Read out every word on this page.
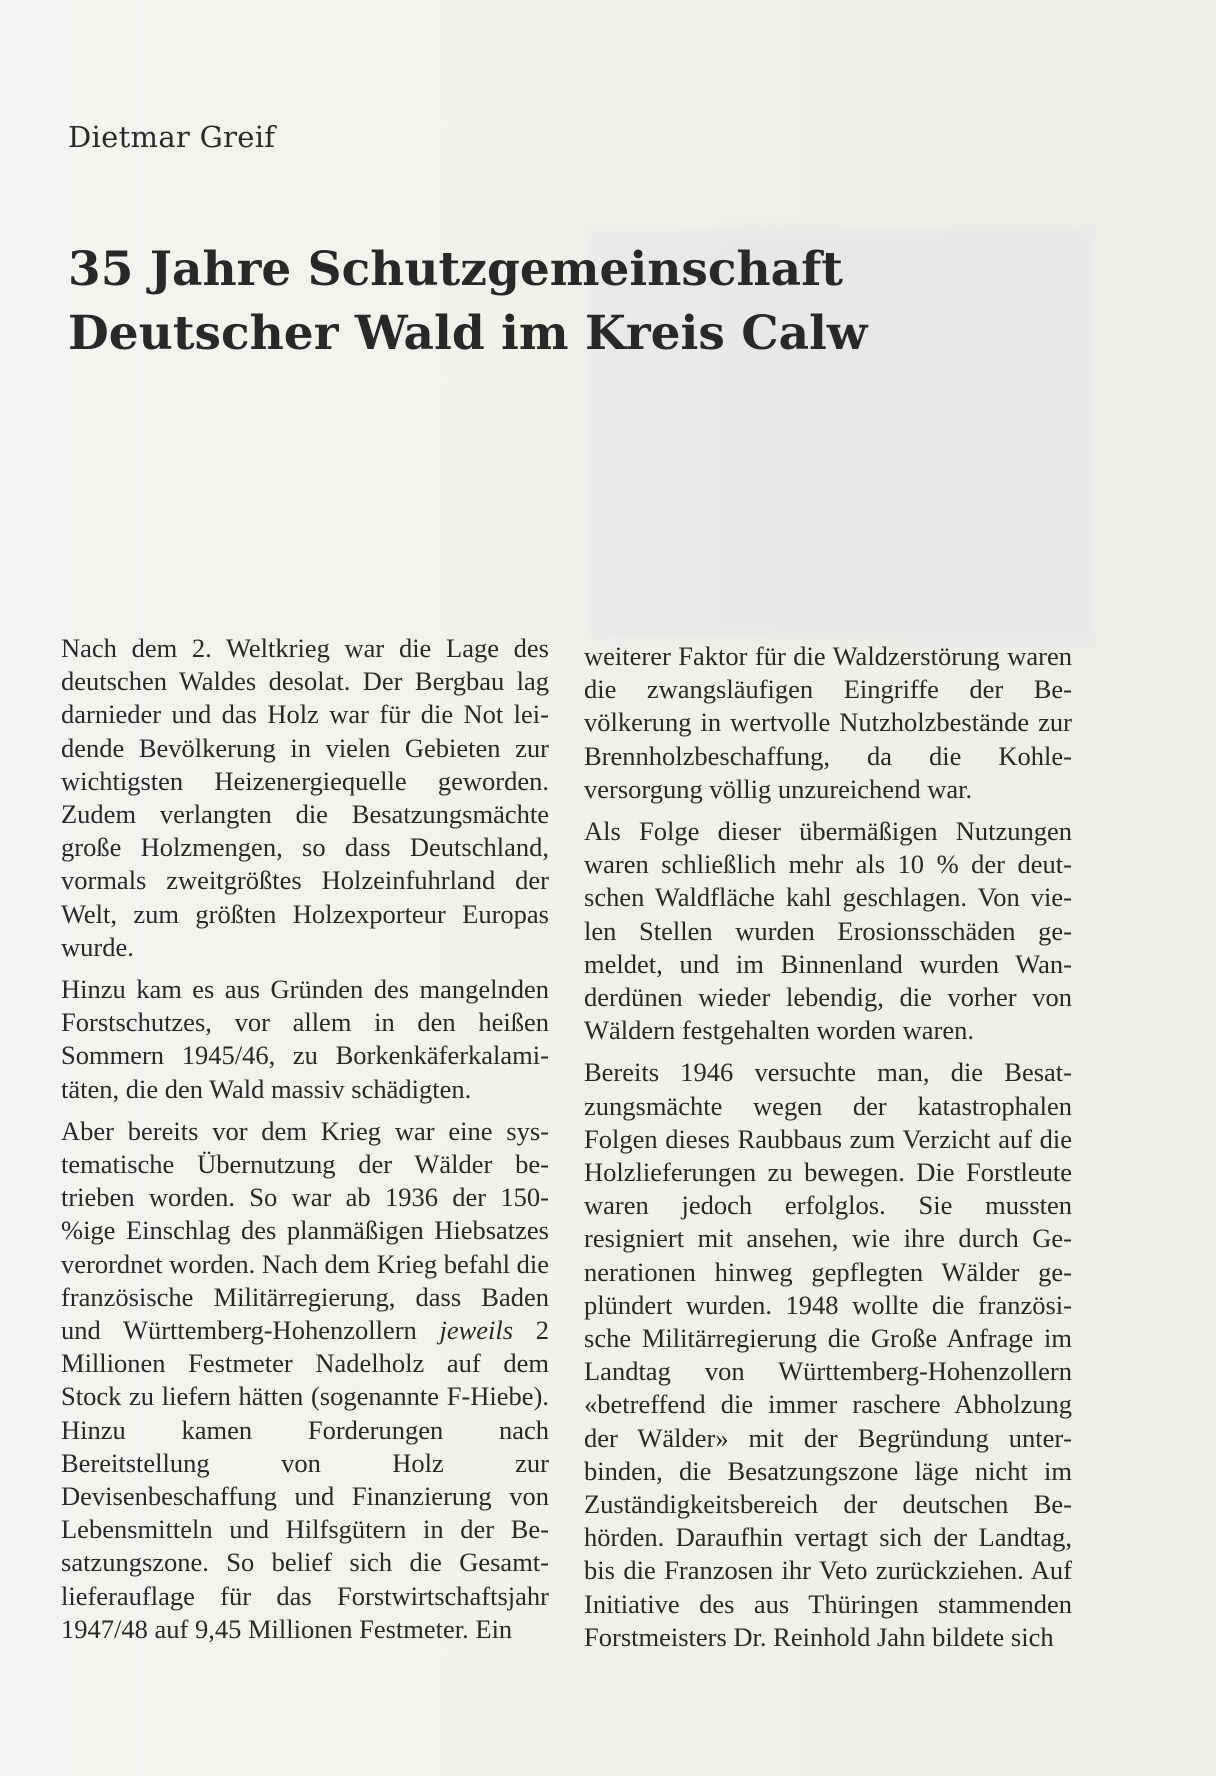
Dietmar Greif
35 Jahre Schutzgemeinschaft Deutscher Wald im Kreis Calw

Nach dem 2. Weltkrieg war die Lage des deutschen Waldes desolat. Der Bergbau lag darnieder und das Holz war für die Not leidende Bevölkerung in vielen Gebieten zur wichtigsten Heizenergiequelle geworden. Zudem verlangten die Besatzungsmächte große Holzmengen, so dass Deutschland, vormals zweitgrößtes Holzeinfuhrland der Welt, zum größten Holzexporteur Europas wurde.

Hinzu kam es aus Gründen des mangelnden Forstschutzes, vor allem in den heißen Sommern 1945/46, zu Borkenkäferkalamitäten, die den Wald massiv schädigten.

Aber bereits vor dem Krieg war eine systematische Übernutzung der Wälder betrieben worden. So war ab 1936 der 150-%ige Einschlag des planmäßigen Hiebsatzes verordnet worden. Nach dem Krieg befahl die französische Militärregierung, dass Baden und Württemberg-Hohenzollern jeweils 2 Millionen Festmeter Nadelholz auf dem Stock zu liefern hätten (sogenannte F-Hiebe). Hinzu kamen Forderungen nach Bereitstellung von Holz zur Devisenbeschaffung und Finanzierung von Lebensmitteln und Hilfsgütern in der Besatzungszone. So belief sich die Gesamtlieferauflage für das Forstwirtschaftsjahr 1947/48 auf 9,45 Millionen Festmeter. Ein

weiterer Faktor für die Waldzerstörung waren die zwangsläufigen Eingriffe der Bevölkerung in wertvolle Nutzholzbestände zur Brennholzbeschaffung, da die Kohleversorgung völlig unzureichend war.

Als Folge dieser übermäßigen Nutzungen waren schließlich mehr als 10 % der deutschen Waldfläche kahl geschlagen. Von vielen Stellen wurden Erosionsschäden gemeldet, und im Binnenland wurden Wanderdünen wieder lebendig, die vorher von Wäldern festgehalten worden waren.

Bereits 1946 versuchte man, die Besatzungsmächte wegen der katastrophalen Folgen dieses Raubbaus zum Verzicht auf die Holzlieferungen zu bewegen. Die Forstleute waren jedoch erfolglos. Sie mussten resigniert mit ansehen, wie ihre durch Generationen hinweg gepflegten Wälder geplündert wurden. 1948 wollte die französische Militärregierung die Große Anfrage im Landtag von Württemberg-Hohenzollern «betreffend die immer raschere Abholzung der Wälder» mit der Begründung unterbinden, die Besatzungszone läge nicht im Zuständigkeitsbereich der deutschen Behörden. Daraufhin vertagt sich der Landtag, bis die Franzosen ihr Veto zurückziehen. Auf Initiative des aus Thüringen stammenden Forstmeisters Dr. Reinhold Jahn bildete sich
